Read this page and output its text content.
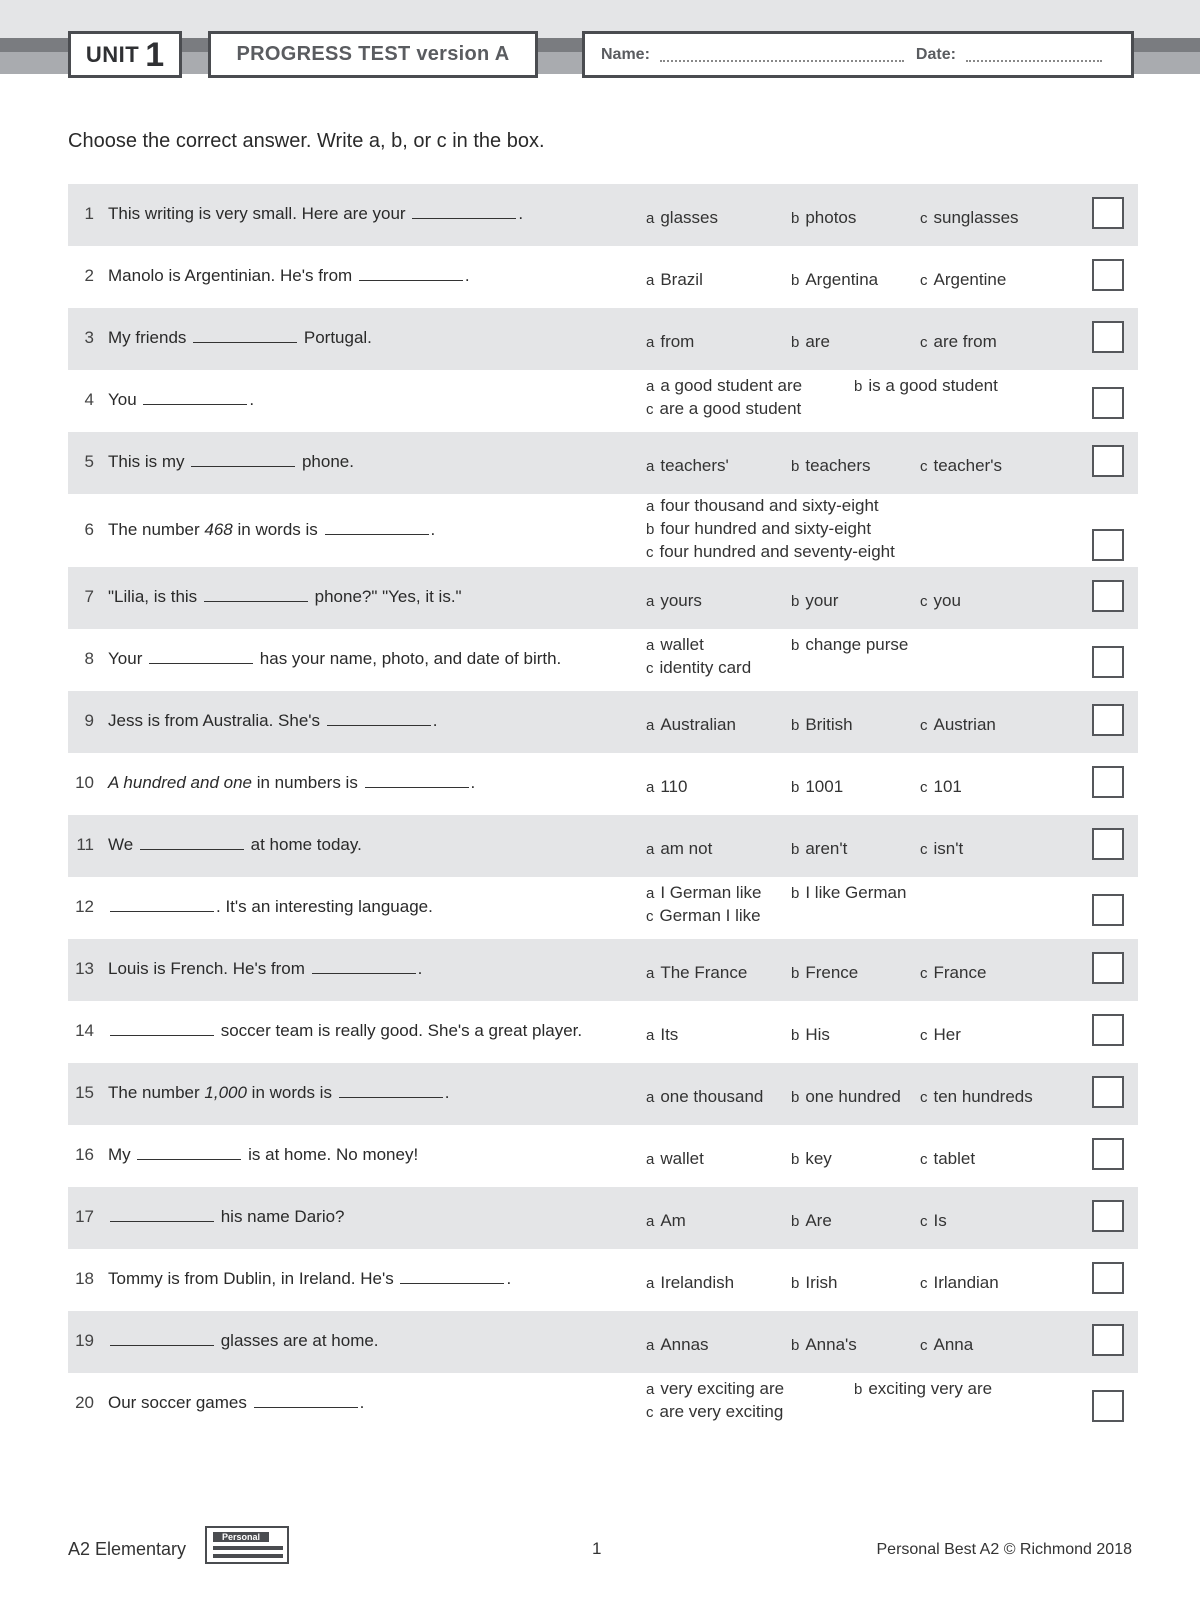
UNIT 1	PROGRESS TEST version A	Name:	Date:
Choose the correct answer. Write a, b, or c in the box.
1 This writing is very small. Here are your	.	a glasses	b photos	c sunglasses
2 Manolo is Argentinian. He's from	.	a Brazil	b Argentina	c Argentine
3 My friends	Portugal.	a from	b are	c are from
4 You	.
a a good student are	b is a good student
c are a good student
5 This is my	phone.	a teachers'	b teachers	c teacher's
6 The number 468 in words is	.
a four thousand and sixty-eight
b four hundred and sixty-eight
c four hundred and seventy-eight
7 "Lilia, is this	phone?" "Yes, it is."	a yours	b your	c you
8 Your	has your name, photo, and date of birth.
a wallet	b change purse
c identity card
9 Jess is from Australia. She's	.	a Australian	b British	c Austrian
10 A hundred and one in numbers is	.	a 110	b 1001	c 101
11 We	at home today.	a am not	b aren't	c isn't
12	. It's an interesting language.
a I German like b I like German
c German I like
13 Louis is French. He's from	.	a The France	b Frence	c France
14	soccer team is really good. She's a great player.	a Its	b His	c Her
15 The number 1,000 in words is	.	a one thousand b one hundred c ten hundreds
16 My	is at home. No money!	a wallet	b key	c tablet
17	his name Dario?	a Am	b Are	c Is
18 Tommy is from Dublin, in Ireland. He's	.	a Irelandish	b Irish	c Irlandian
19	glasses are at home.	a Annas	b Anna's	c Anna
20 Our soccer games	.
a very exciting are	b exciting very are
c are very exciting
A2 Elementary
Personal
1	Personal Best A2 © Richmond 2018
